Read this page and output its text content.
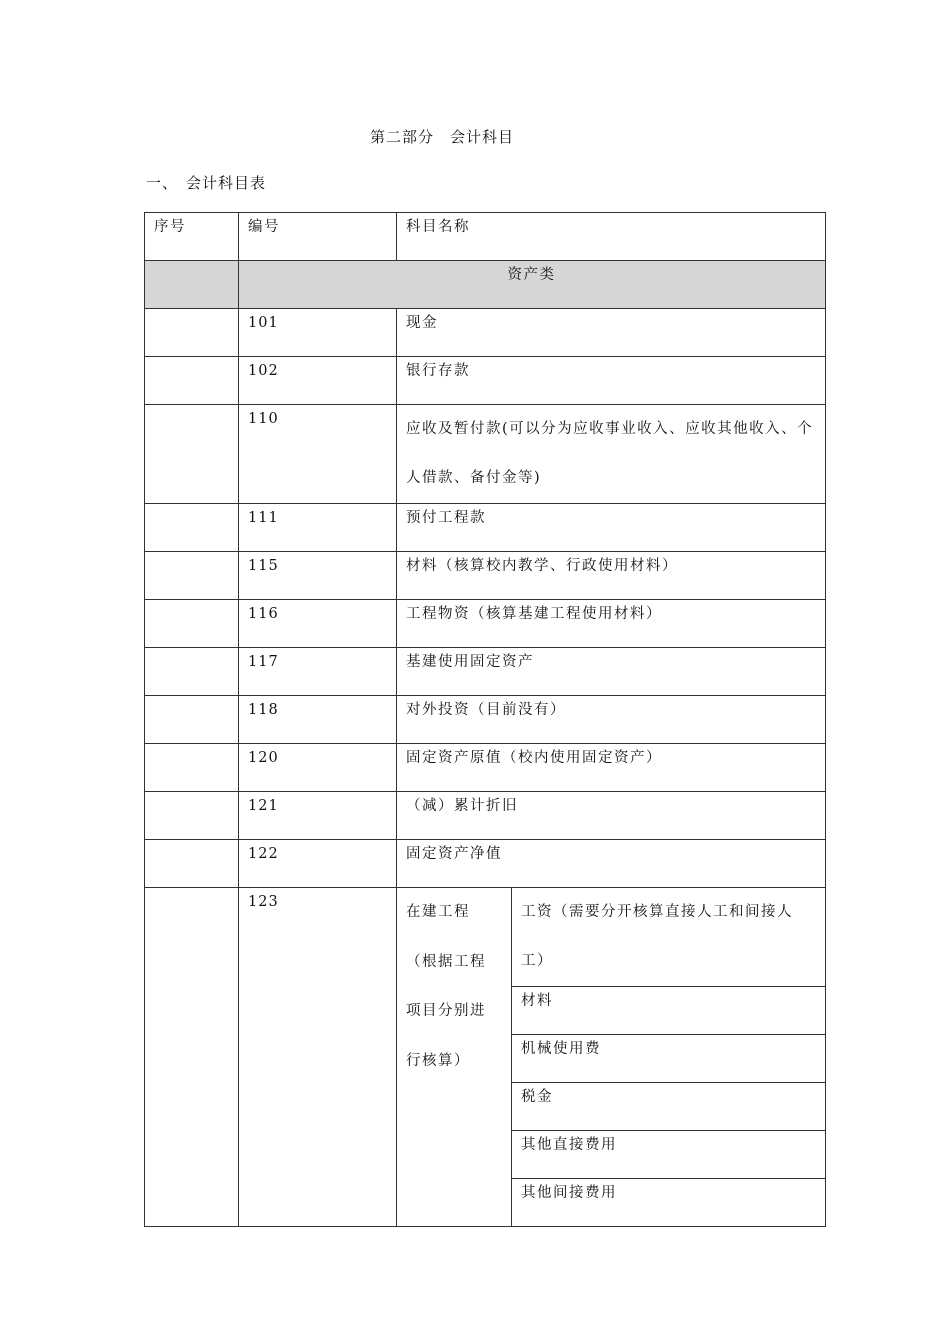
第二部分 会计科目
一、 会计科目表
序号	编号	科目名称	
	资产类		
	101	现金	
	102	银行存款	
	110	应收及暂付款(可以分为应收事业收入、应收其他收入、个人借款、备付金等)	
	111	预付工程款	
	115	材料（核算校内教学、行政使用材料）	
	116	工程物资（核算基建工程使用材料）	
	117	基建使用固定资产	
	118	对外投资（目前没有）	
	120	固定资产原值（校内使用固定资产）	
	121	（减）累计折旧	
	122	固定资产净值	
	123	在建工程（根据工程项目分别进行核算）	工资（需要分开核算直接人工和间接人工）
			材料
			机械使用费
			税金
			其他直接费用
			其他间接费用
